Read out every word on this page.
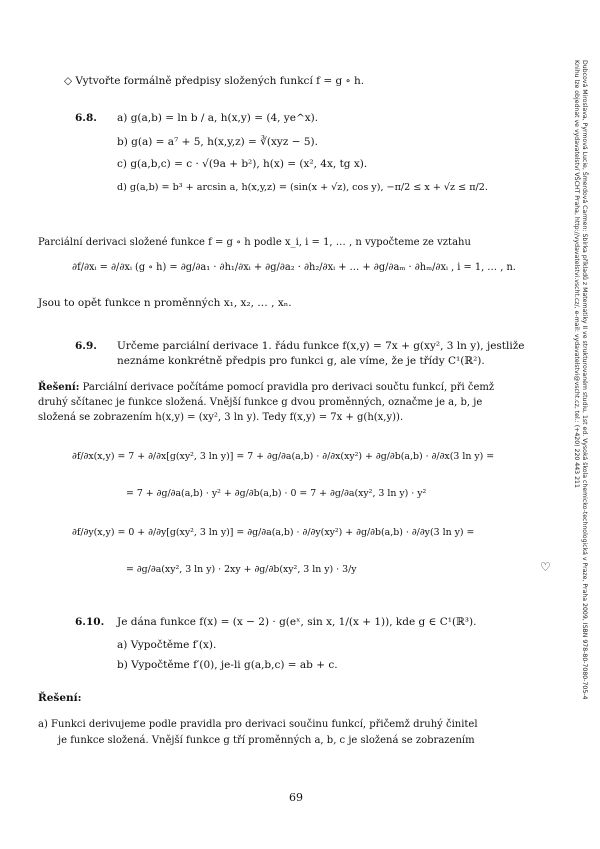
Dubcová Miroslava, Pyrmová Lucie, Šmerdová Carmen: Sbírka příkladů z Matematiky II ve strukturovaném studiu, 1st ed. Vysoká škola chemicko-technologická v Praze, Praha 2009, ISBN 978-80-7080-705-4
Knihu lze objednat ve vydavatelství VŠCHT Praha, http://vydavatelstvi.vscht.cz/, e-mail: vydavatelstvi@vscht.cz, tel.: (+420) 220 443 211
◇ Vytvořte formálně předpisy složených funkcí f = g ∘ h.
6.8. a) g(a,b) = ln b / a, h(x,y) = (4, ye^x).
b) g(a) = a⁷ + 5, h(x,y,z) = ∛(xyz − 5).
c) g(a,b,c) = c · √(9a + b²), h(x) = (x², 4x, tg x).
d) g(a,b) = b³ + arcsin a, h(x,y,z) = (sin(x + √z), cos y), −π/2 ≤ x + √z ≤ π/2.
Parciální derivaci složené funkce f = g ∘ h podle x_i, i = 1, … , n vypočteme ze vztahu
∂f/∂xᵢ = ∂/∂xᵢ (g ∘ h) = ∂g/∂a₁ · ∂h₁/∂xᵢ + ∂g/∂a₂ · ∂h₂/∂xᵢ + … + ∂g/∂aₘ · ∂hₘ/∂xᵢ , i = 1, … , n.
Jsou to opět funkce n proměnných x₁, x₂, … , xₙ.
6.9. Určeme parciální derivace 1. řádu funkce f(x,y) = 7x + g(xy², 3 ln y), jestliže
neznáme konkrétně předpis pro funkci g, ale víme, že je třídy C¹(ℝ²).
Řešení: Parciální derivace počítáme pomocí pravidla pro derivaci součtu funkcí, při čemž
druhý sčítanec je funkce složená. Vnější funkce g dvou proměnných, označme je a, b, je
složená se zobrazením h(x,y) = (xy², 3 ln y). Tedy f(x,y) = 7x + g(h(x,y)).
∂f/∂x(x,y) = 7 + ∂/∂x[g(xy², 3 ln y)] = 7 + ∂g/∂a(a,b) · ∂/∂x(xy²) + ∂g/∂b(a,b) · ∂/∂x(3 ln y) =
= 7 + ∂g/∂a(a,b) · y² + ∂g/∂b(a,b) · 0 = 7 + ∂g/∂a(xy², 3 ln y) · y²
∂f/∂y(x,y) = 0 + ∂/∂y[g(xy², 3 ln y)] = ∂g/∂a(a,b) · ∂/∂y(xy²) + ∂g/∂b(a,b) · ∂/∂y(3 ln y) =
= ∂g/∂a(xy², 3 ln y) · 2xy + ∂g/∂b(xy², 3 ln y) · 3/y	♡
6.10. Je dána funkce f(x) = (x − 2) · g(eˣ, sin x, 1/(x + 1)), kde g ∈ C¹(ℝ³).
a) Vypočtěme f′(x).
b) Vypočtěme f′(0), je-li g(a,b,c) = ab + c.
Řešení:
a) Funkci derivujeme podle pravidla pro derivaci součinu funkcí, přičemž druhý činitel
je funkce složená. Vnější funkce g tří proměnných a, b, c je složená se zobrazením
69
